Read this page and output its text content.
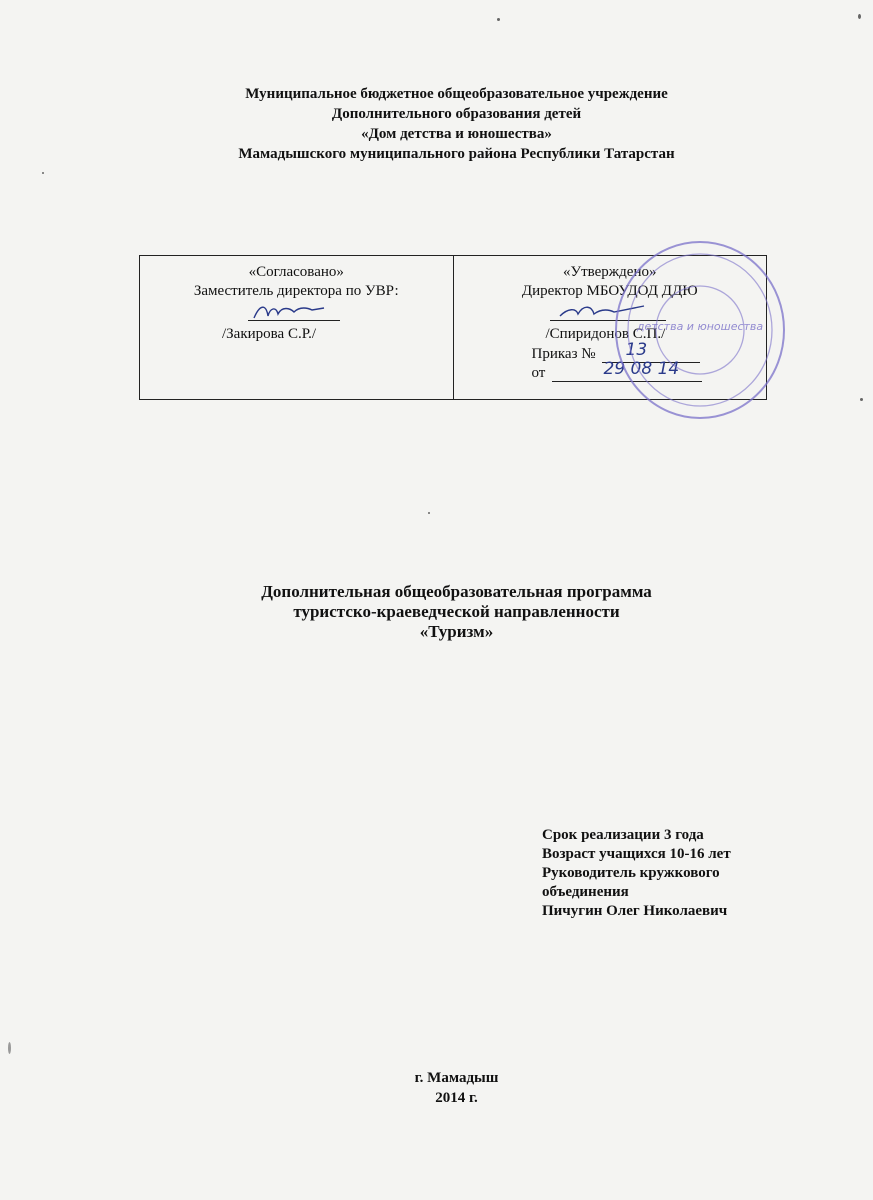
Муниципальное бюджетное общеобразовательное учреждение
Дополнительного образования детей
«Дом детства и юношества»
Мамадышского муниципального района Республики Татарстан
«Согласовано»
Заместитель директора по УВР:
/Закирова С.Р./
«Утверждено»
Директор МБОУДОД ДДЮ
/Спиридонов С.П./
Приказ № 13
от	29 08 14
детства и юношества
Дополнительная общеобразовательная программа
туристско-краеведческой направленности
«Туризм»
Срок реализации 3 года
Возраст учащихся 10-16 лет
Руководитель кружкового
объединения
Пичугин Олег Николаевич
г. Мамадыш
2014 г.
